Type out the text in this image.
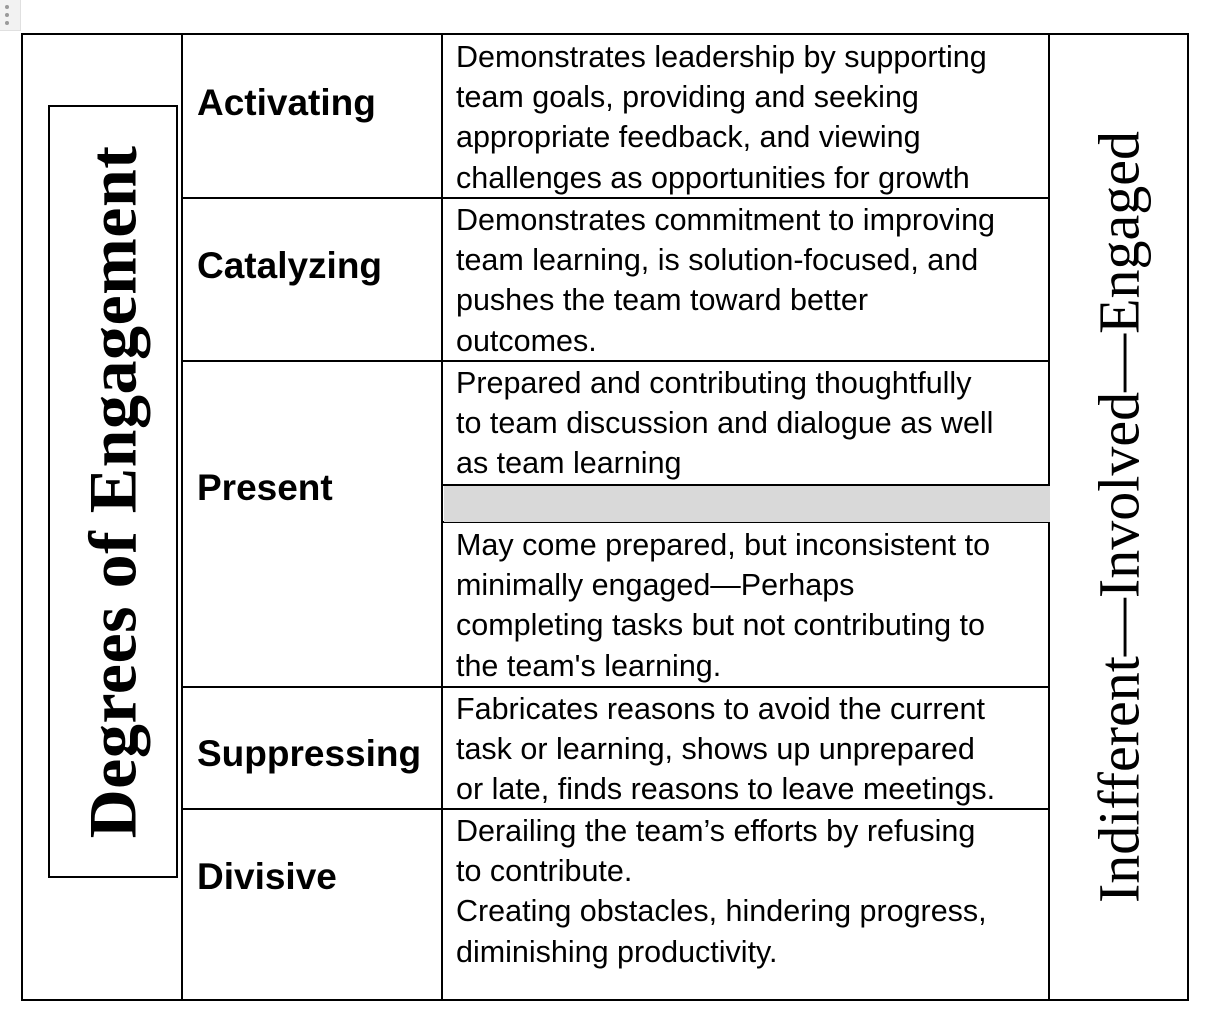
Degrees of Engagement
Activating
Catalyzing
Present
Suppressing
Divisive
Demonstrates leadership by supporting
team goals, providing and seeking
appropriate feedback, and viewing
challenges as opportunities for growth
Demonstrates commitment to improving
team learning, is solution-focused, and
pushes the team toward better
outcomes.
Prepared and contributing thoughtfully
to team discussion and dialogue as well
as team learning
May come prepared, but inconsistent to
minimally engaged—Perhaps
completing tasks but not contributing to
the team's learning.
Fabricates reasons to avoid the current
task or learning, shows up unprepared
or late, finds reasons to leave meetings.
Derailing the team’s efforts by refusing
to contribute.
Creating obstacles, hindering progress,
diminishing productivity.
Indifferent—Involved—Engaged
